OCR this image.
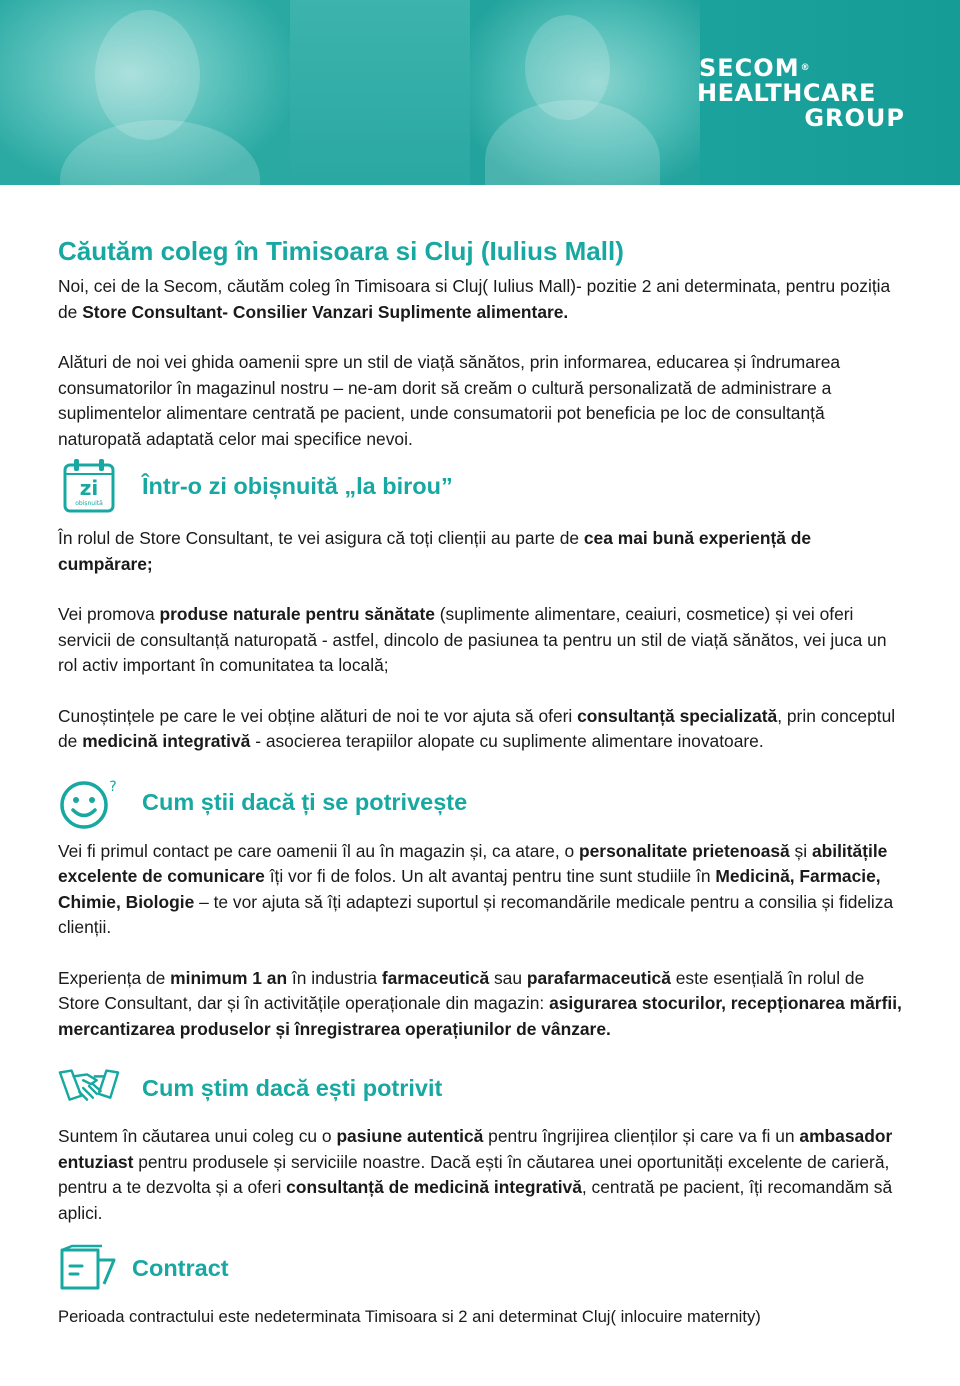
SECOM®
HEALTHCARE
GROUP
Căutăm coleg în Timisoara si Cluj (Iulius Mall)

Noi, cei de la Secom, căutăm coleg în Timisoara si Cluj( Iulius Mall)- pozitie 2 ani determinata, pentru poziția de Store Consultant- Consilier Vanzari Suplimente alimentare.

Alături de noi vei ghida oamenii spre un stil de viață sănătos, prin informarea, educarea și îndrumarea consumatorilor în magazinul nostru – ne-am dorit să creăm o cultură personalizată de administrare a suplimentelor alimentare centrată pe pacient, unde consumatorii pot beneficia pe loc de consultanță naturopată adaptată celor mai specifice nevoi.

zi
obișnuită
Într-o zi obișnuită „la birou”

În rolul de Store Consultant, te vei asigura că toți clienții au parte de cea mai bună experiență de cumpărare;

Vei promova produse naturale pentru sănătate (suplimente alimentare, ceaiuri, cosmetice) și vei oferi servicii de consultanță naturopată - astfel, dincolo de pasiunea ta pentru un stil de viață sănătos, vei juca un rol activ important în comunitatea ta locală;

Cunoștințele pe care le vei obține alături de noi te vor ajuta să oferi consultanță specializată, prin conceptul de medicină integrativă - asocierea terapiilor alopate cu suplimente alimentare inovatoare.

?
Cum știi dacă ți se potrivește

Vei fi primul contact pe care oamenii îl au în magazin și, ca atare, o personalitate prietenoasă și abilitățile excelente de comunicare îți vor fi de folos. Un alt avantaj pentru tine sunt studiile în Medicină, Farmacie, Chimie, Biologie – te vor ajuta să îți adaptezi suportul și recomandările medicale pentru a consilia și fideliza clienții.

Experiența de minimum 1 an în industria farmaceutică sau parafarmaceutică este esențială în rolul de Store Consultant, dar și în activitățile operaționale din magazin: asigurarea stocurilor, recepționarea mărfii, mercantizarea produselor și înregistrarea operațiunilor de vânzare.

Cum știm dacă ești potrivit

Suntem în căutarea unui coleg cu o pasiune autentică pentru îngrijirea clienților și care va fi un ambasador entuziast pentru produsele și serviciile noastre. Dacă ești în căutarea unei oportunități excelente de carieră, pentru a te dezvolta și a oferi consultanță de medicină integrativă, centrată pe pacient, îți recomandăm să aplici.

Contract

Perioada contractului este nedeterminata Timisoara si 2 ani determinat Cluj( inlocuire maternity)
